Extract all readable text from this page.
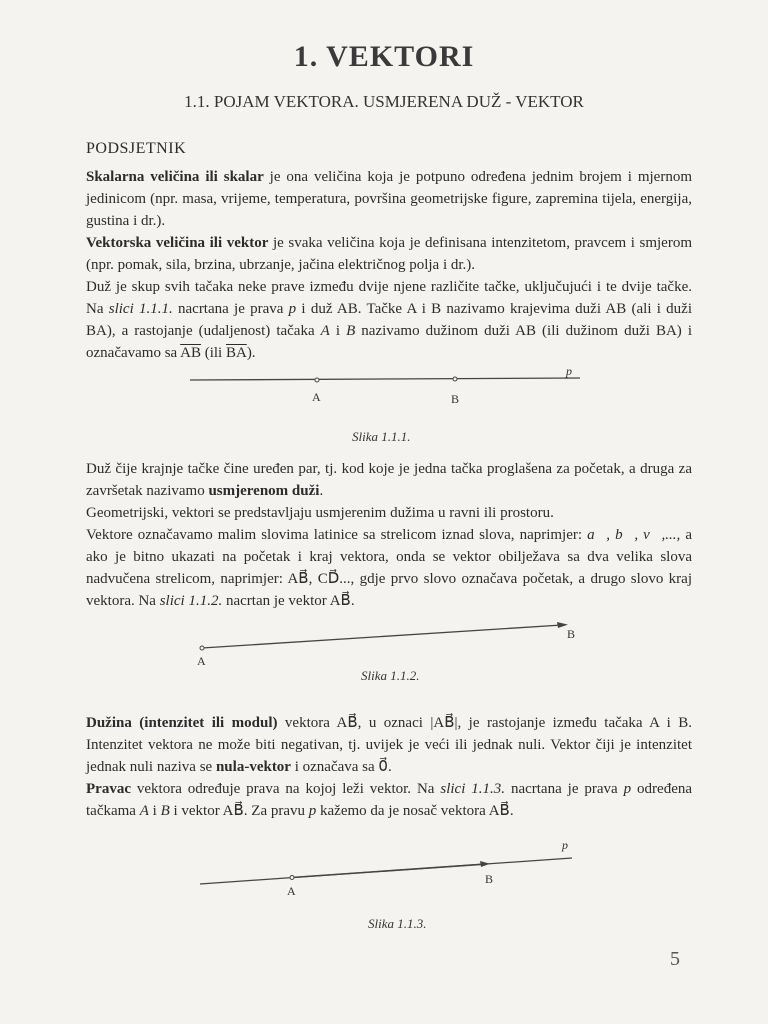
1. VEKTORI
1.1. POJAM VEKTORA. USMJERENA DUŽ - VEKTOR
PODSJETNIK

Skalarna veličina ili skalar je ona veličina koja je potpuno određena jednim brojem i mjernom jedinicom (npr. masa, vrijeme, temperatura, površina geometrijske figure, zapremina tijela, energija, gustina i dr.).

Vektorska veličina ili vektor je svaka veličina koja je definisana intenzitetom, pravcem i smjerom (npr. pomak, sila, brzina, ubrzanje, jačina električnog polja i dr.).

Duž je skup svih tačaka neke prave između dvije njene različite tačke, uključujući i te dvije tačke. Na slici 1.1.1. nacrtana je prava p i duž AB. Tačke A i B nazivamo krajevima duži AB (ali i duži BA), a rastojanje (udaljenost) tačaka A i B nazivamo dužinom duži AB (ili dužinom duži BA) i označavamo sa $\overline{AB}$ (ili $\overline{BA}$).

p
A	B
Slika 1.1.1.

Duž čije krajnje tačke čine uređen par, tj. kod koje je jedna tačka proglašena za početak, a druga za završetak nazivamo usmjerenom duži.

Geometrijski, vektori se predstavljaju usmjerenim dužima u ravni ili prostoru.

Vektore označavamo malim slovima latinice sa strelicom iznad slova, naprimjer: a⃗, b⃗, v⃗,..., a ako je bitno ukazati na početak i kraj vektora, onda se vektor obilježava sa dva velika slova nadvučena strelicom, naprimjer: AB⃗, CD⃗..., gdje prvo slovo označava početak, a drugo slovo kraj vektora. Na slici 1.1.2. nacrtan je vektor AB⃗.

A
B
Slika 1.1.2.

Dužina (intenzitet ili modul) vektora AB⃗, u oznaci |AB⃗|, je rastojanje između tačaka A i B. Intenzitet vektora ne može biti negativan, tj. uvijek je veći ili jednak nuli. Vektor čiji je intenzitet jednak nuli naziva se nula-vektor i označava sa 0⃗.

Pravac vektora određuje prava na kojoj leži vektor. Na slici 1.1.3. nacrtana je prava p određena tačkama A i B i vektor AB⃗. Za pravu p kažemo da je nosač vektora AB⃗.

p
A
B
Slika 1.1.3.
5
